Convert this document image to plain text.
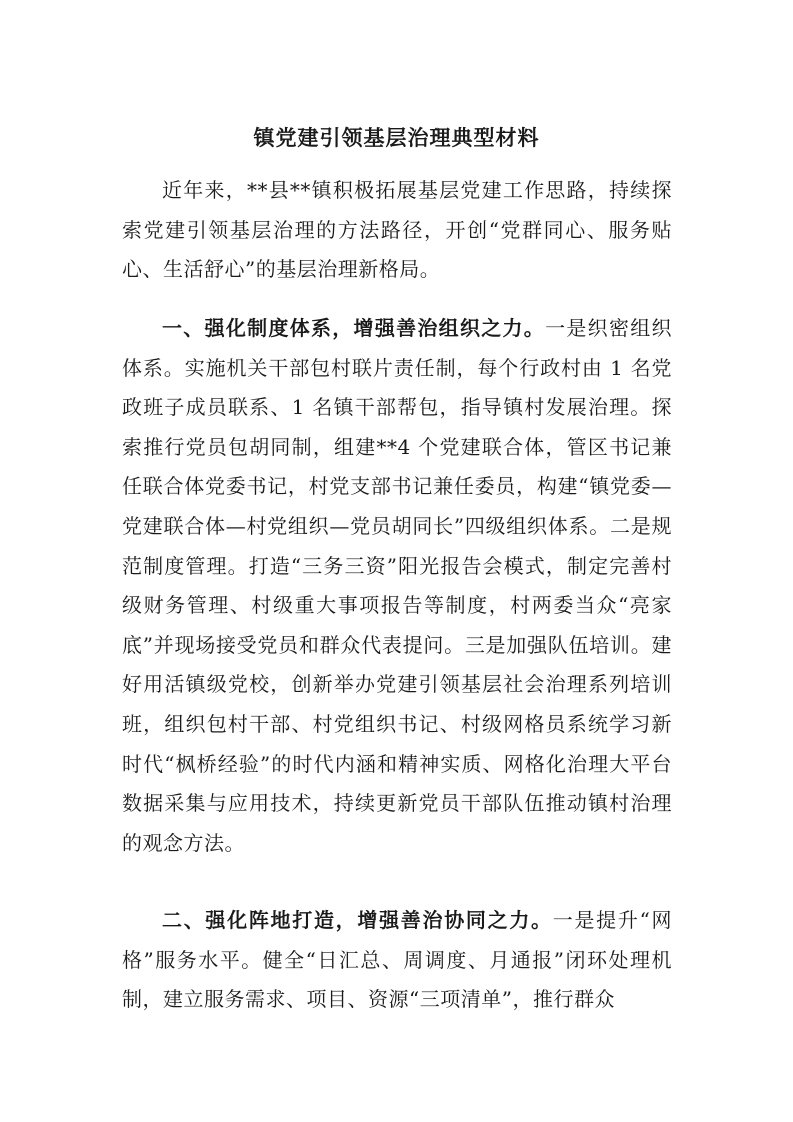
镇党建引领基层治理典型材料

近年来，**县**镇积极拓展基层党建工作思路，持续探索党建引领基层治理的方法路径，开创“党群同心、服务贴心、生活舒心”的基层治理新格局。

一、强化制度体系，增强善治组织之力。一是织密组织体系。实施机关干部包村联片责任制，每个行政村由 1 名党政班子成员联系、1 名镇干部帮包，指导镇村发展治理。探索推行党员包胡同制，组建**4 个党建联合体，管区书记兼任联合体党委书记，村党支部书记兼任委员，构建“镇党委—党建联合体—村党组织—党员胡同长”四级组织体系。二是规范制度管理。打造“三务三资”阳光报告会模式，制定完善村级财务管理、村级重大事项报告等制度，村两委当众“亮家底”并现场接受党员和群众代表提问。三是加强队伍培训。建好用活镇级党校，创新举办党建引领基层社会治理系列培训班，组织包村干部、村党组织书记、村级网格员系统学习新时代“枫桥经验”的时代内涵和精神实质、网格化治理大平台数据采集与应用技术，持续更新党员干部队伍推动镇村治理的观念方法。

二、强化阵地打造，增强善治协同之力。一是提升“网格”服务水平。健全“日汇总、周调度、月通报”闭环处理机制，建立服务需求、项目、资源“三项清单”，推行群众
